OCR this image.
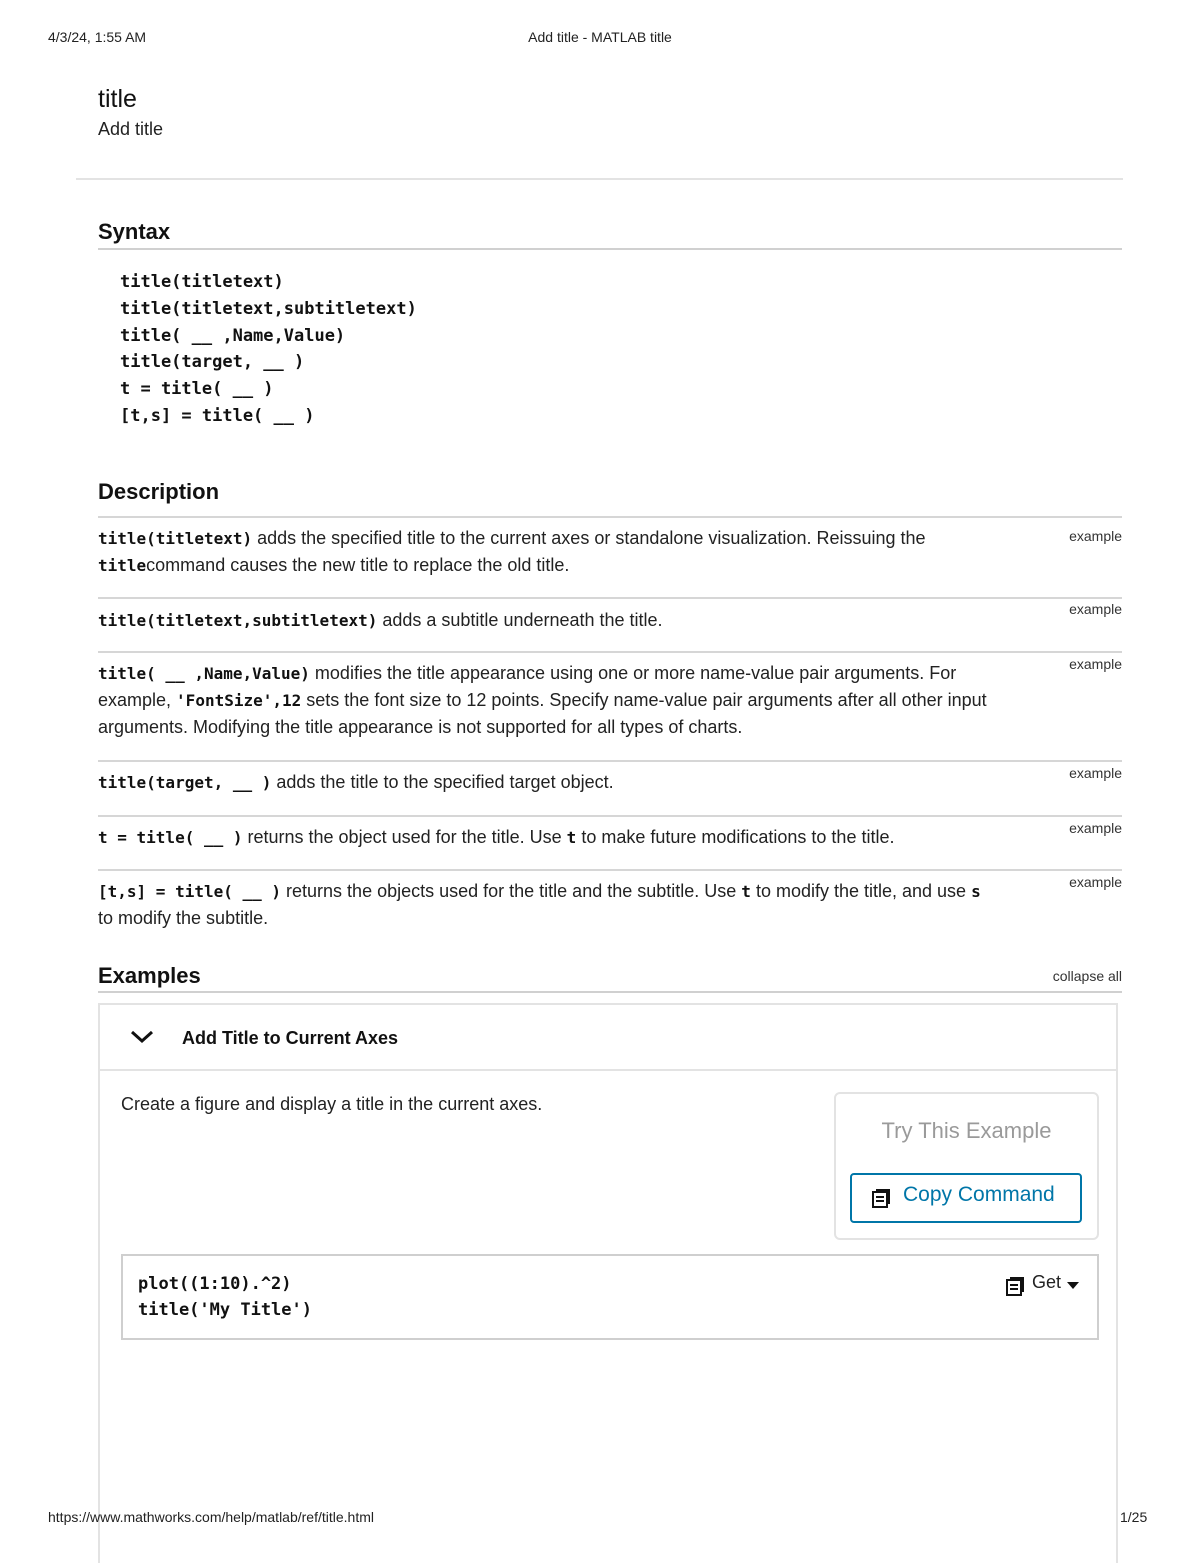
4/3/24, 1:55 AM	Add title - MATLAB title
title
Add title
Syntax
title(titletext)
title(titletext,subtitletext)
title( __ ,Name,Value)
title(target, __ )
t = title( __ )
[t,s] = title( __ )
Description
title(titletext) adds the specified title to the current axes or standalone visualization. Reissuing the titlecommand causes the new title to replace the old title.
example
title(titletext,subtitletext) adds a subtitle underneath the title.
example
title( __ ,Name,Value) modifies the title appearance using one or more name-value pair arguments. For example, 'FontSize',12 sets the font size to 12 points. Specify name-value pair arguments after all other input arguments. Modifying the title appearance is not supported for all types of charts.
example
title(target, __ ) adds the title to the specified target object.	example
t = title( __ ) returns the object used for the title. Use t to make future modifications to the title.	example
[t,s] = title( __ ) returns the objects used for the title and the subtitle. Use t to modify the title, and use s to modify the subtitle.
example
Examples	collapse all
Add Title to Current Axes
Create a figure and display a title in the current axes.
Try This Example
Copy Command
plot((1:10).^2)
title('My Title')
Get
https://www.mathworks.com/help/matlab/ref/title.html	1/25
